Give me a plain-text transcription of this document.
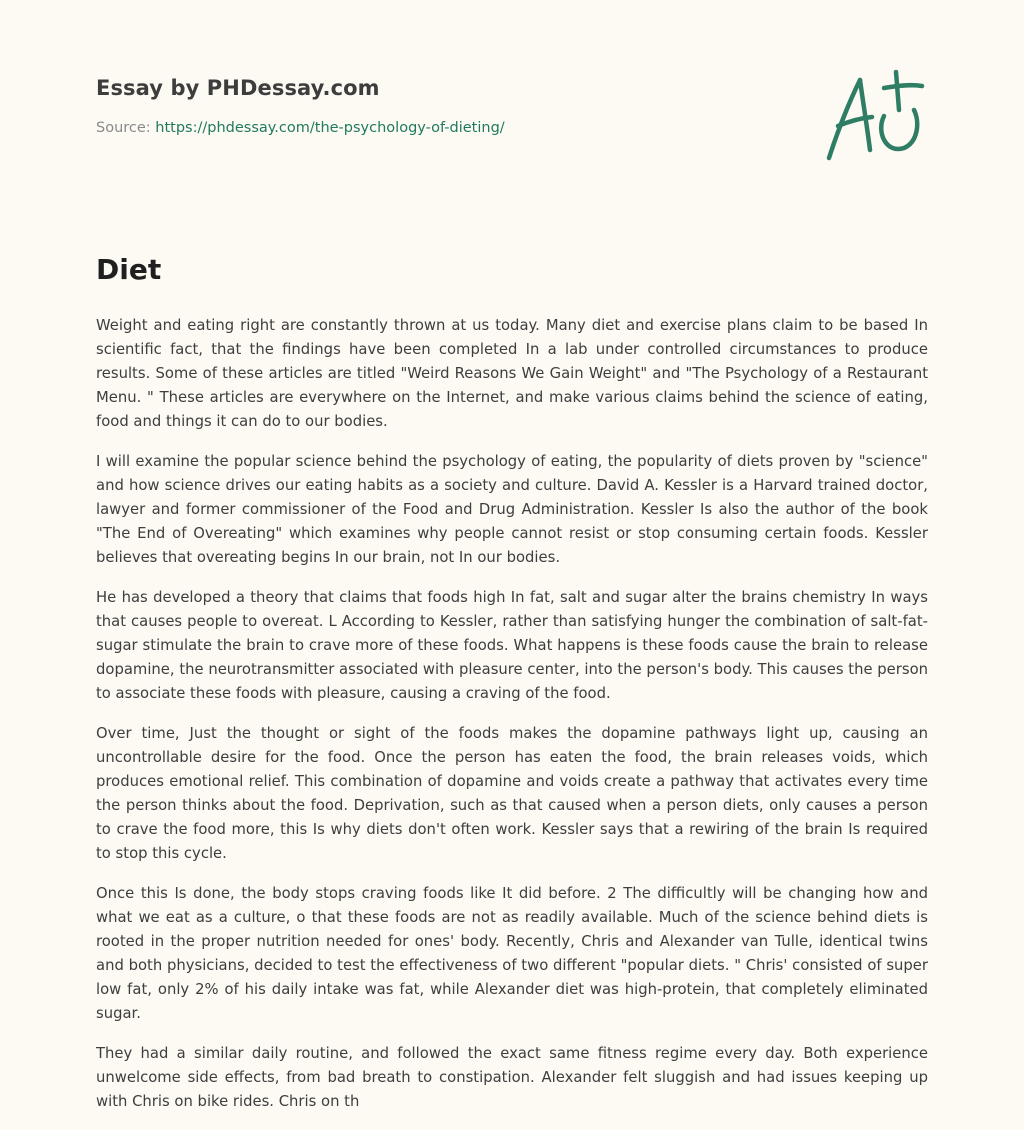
Essay by PHDessay.com
Source: https://phdessay.com/the-psychology-of-dieting/
Diet

Weight and eating right are constantly thrown at us today. Many diet and exercise plans claim to be based In scientific fact, that the findings have been completed In a lab under controlled circumstances to produce results. Some of these articles are titled "Weird Reasons We Gain Weight" and "The Psychology of a Restaurant Menu. " These articles are everywhere on the Internet, and make various claims behind the science of eating, food and things it can do to our bodies.

I will examine the popular science behind the psychology of eating, the popularity of diets proven by "science" and how science drives our eating habits as a society and culture. David A. Kessler is a Harvard trained doctor, lawyer and former commissioner of the Food and Drug Administration. Kessler Is also the author of the book "The End of Overeating" which examines why people cannot resist or stop consuming certain foods. Kessler believes that overeating begins In our brain, not In our bodies.

He has developed a theory that claims that foods high In fat, salt and sugar alter the brains chemistry In ways that causes people to overeat. L According to Kessler, rather than satisfying hunger the combination of salt-fat-sugar stimulate the brain to crave more of these foods. What happens is these foods cause the brain to release dopamine, the neurotransmitter associated with pleasure center, into the person's body. This causes the person to associate these foods with pleasure, causing a craving of the food.

Over time, Just the thought or sight of the foods makes the dopamine pathways light up, causing an uncontrollable desire for the food. Once the person has eaten the food, the brain releases voids, which produces emotional relief. This combination of dopamine and voids create a pathway that activates every time the person thinks about the food. Deprivation, such as that caused when a person diets, only causes a person to crave the food more, this Is why diets don't often work. Kessler says that a rewiring of the brain Is required to stop this cycle.

Once this Is done, the body stops craving foods like It did before. 2 The difficultly will be changing how and what we eat as a culture, o that these foods are not as readily available. Much of the science behind diets is rooted in the proper nutrition needed for ones' body. Recently, Chris and Alexander van Tulle, identical twins and both physicians, decided to test the effectiveness of two different "popular diets. " Chris' consisted of super low fat, only 2% of his daily intake was fat, while Alexander diet was high-protein, that completely eliminated sugar.

They had a similar daily routine, and followed the exact same fitness regime every day. Both experience unwelcome side effects, from bad breath to constipation. Alexander felt sluggish and had issues keeping up with Chris on bike rides. Chris on th
